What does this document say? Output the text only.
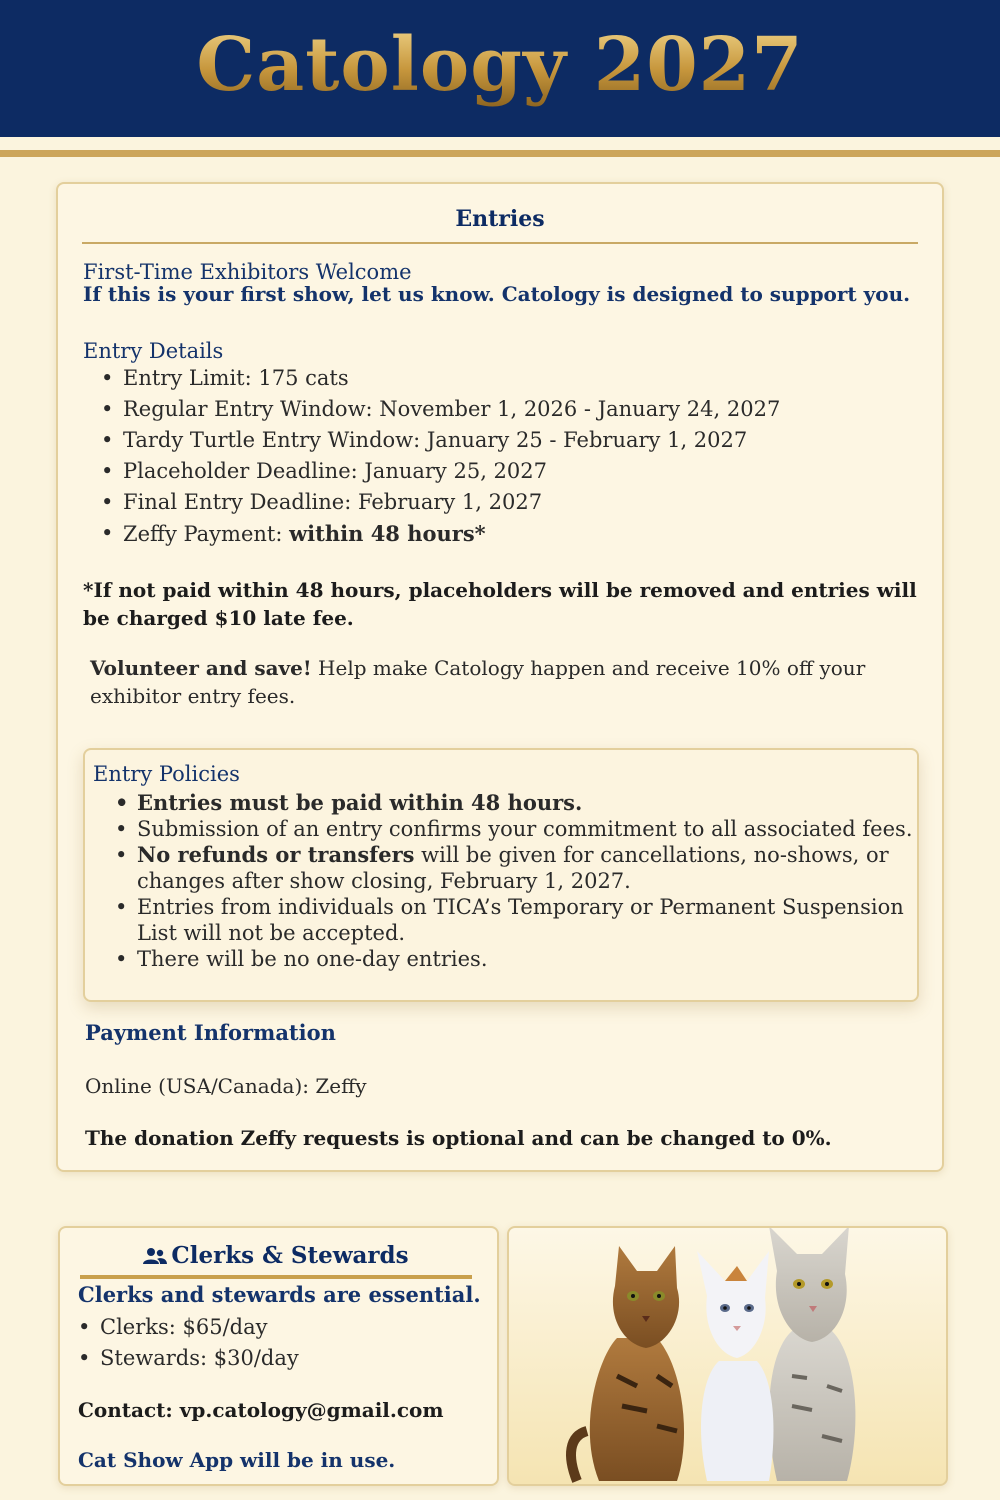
Catology 2027
Entries
First-Time Exhibitors Welcome
If this is your first show, let us know. Catology is designed to support you.
Entry Details
• Entry Limit: 175 cats
• Regular Entry Window: November 1, 2026 - January 24, 2027
• Tardy Turtle Entry Window: January 25 - February 1, 2027
• Placeholder Deadline: January 25, 2027
• Final Entry Deadline: February 1, 2027
• Zeffy Payment: within 48 hours*

*If not paid within 48 hours, placeholders will be removed and entries will be charged $10 late fee.

Volunteer and save! Help make Catology happen and receive 10% off your exhibitor entry fees.

Entry Policies
• Entries must be paid within 48 hours.
• Submission of an entry confirms your commitment to all associated fees.
• No refunds or transfers will be given for cancellations, no-shows, or changes after show closing, February 1, 2027.
• Entries from individuals on TICA’s Temporary or Permanent Suspension List will not be accepted.
• There will be no one-day entries.
Payment Information

Online (USA/Canada): Zeffy

The donation Zeffy requests is optional and can be changed to 0%.

Clerks & Stewards
Clerks and stewards are essential.
• Clerks: $65/day
• Stewards: $30/day

Contact: vp.catology@gmail.com

Cat Show App will be in use.
